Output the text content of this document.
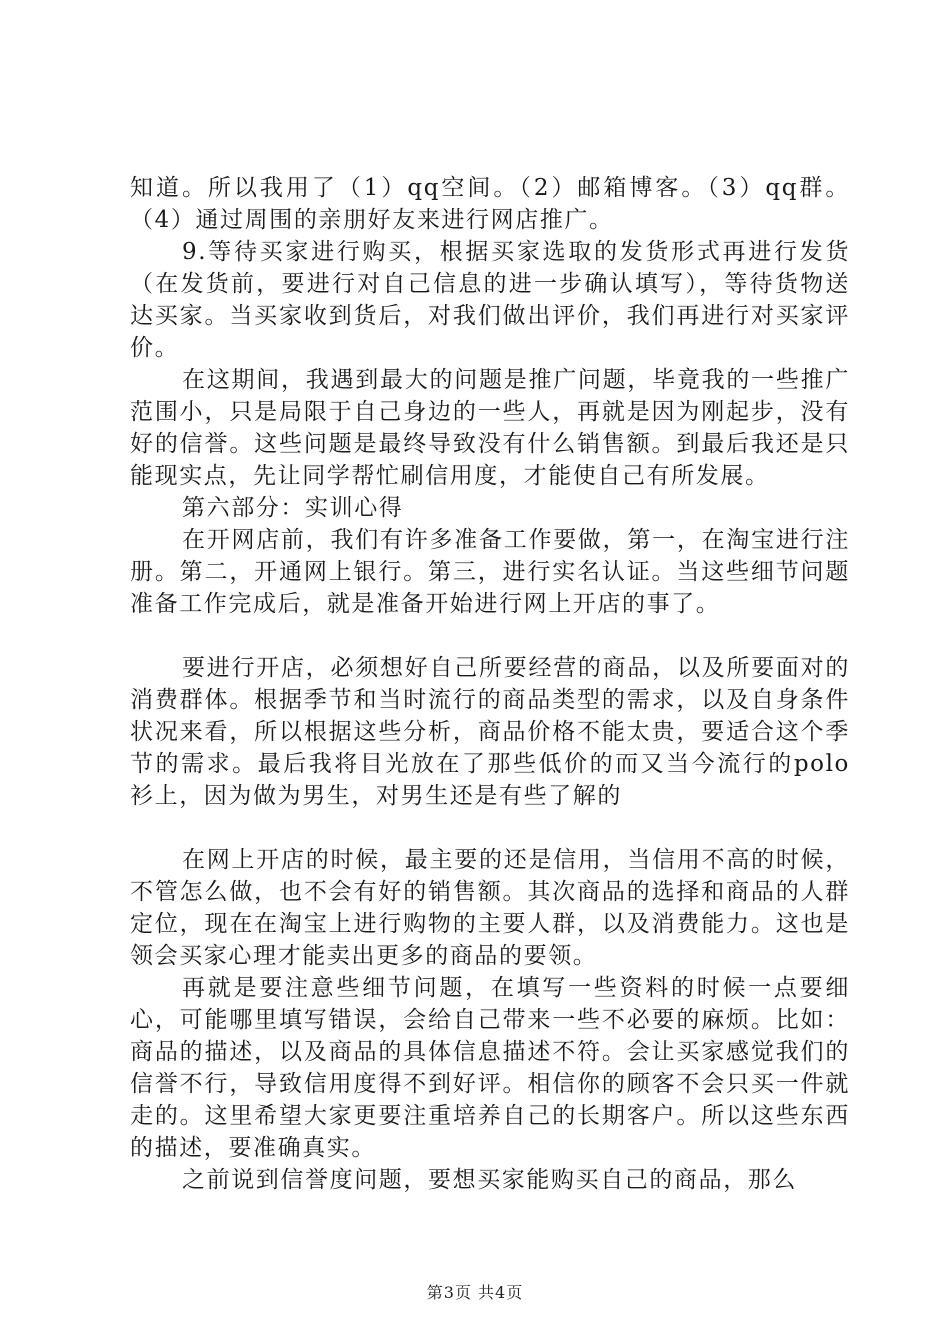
知道。所以我用了（1）qq空间。（2）邮箱博客。（3）qq群。（4）通过周围的亲朋好友来进行网店推广。

9.等待买家进行购买，根据买家选取的发货形式再进行发货（在发货前，要进行对自己信息的进一步确认填写），等待货物送达买家。当买家收到货后，对我们做出评价，我们再进行对买家评价。

在这期间，我遇到最大的问题是推广问题，毕竟我的一些推广范围小，只是局限于自己身边的一些人，再就是因为刚起步，没有好的信誉。这些问题是最终导致没有什么销售额。到最后我还是只能现实点，先让同学帮忙刷信用度，才能使自己有所发展。

第六部分：实训心得

在开网店前，我们有许多准备工作要做，第一，在淘宝进行注册。第二，开通网上银行。第三，进行实名认证。当这些细节问题准备工作完成后，就是准备开始进行网上开店的事了。

要进行开店，必须想好自己所要经营的商品，以及所要面对的消费群体。根据季节和当时流行的商品类型的需求，以及自身条件状况来看，所以根据这些分析，商品价格不能太贵，要适合这个季节的需求。最后我将目光放在了那些低价的而又当今流行的polo衫上，因为做为男生，对男生还是有些了解的

在网上开店的时候，最主要的还是信用，当信用不高的时候，不管怎么做，也不会有好的销售额。其次商品的选择和商品的人群定位，现在在淘宝上进行购物的主要人群，以及消费能力。这也是领会买家心理才能卖出更多的商品的要领。

再就是要注意些细节问题，在填写一些资料的时候一点要细心，可能哪里填写错误，会给自己带来一些不必要的麻烦。比如：商品的描述，以及商品的具体信息描述不符。会让买家感觉我们的信誉不行，导致信用度得不到好评。相信你的顾客不会只买一件就走的。这里希望大家更要注重培养自己的长期客户。所以这些东西的描述，要准确真实。

之前说到信誉度问题，要想买家能购买自己的商品，那么

第3页 共4页
